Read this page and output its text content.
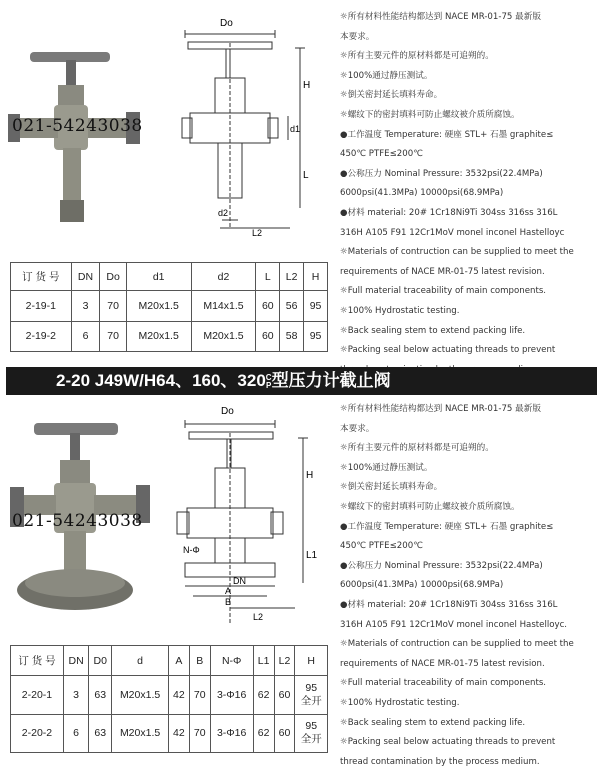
Do
H
L
d1
d2
L2
021-54243038
☼所有材料性能结构都达到 NACE MR-01-75 最新版
本要求。
☼所有主要元件的原材料都是可追朔的。
☼100%通过静压测试。
☼倒关密封延长填料寿命。
☼螺纹下的密封填料可防止螺纹被介质所腐蚀。
●工作温度 Temperature: 硬座 STL+ 石墨 graphite≤
450℃ PTFE≤200℃
●公称压力 Nominal Pressure: 3532psi(22.4MPa)
6000psi(41.3MPa) 10000psi(68.9MPa)
●材料 material: 20# 1Cr18Ni9Ti 304ss 316ss 316L
316H A105 F91 12Cr1MoV monel inconel Hastelloyc
☼Materials of contruction can be supplied to meet the
requirements of NACE MR-01-75 latest revision.
☼Full material traceability of main components.
☼100% Hydrostatic testing.
☼Back sealing stem to extend packing life.
☼Packing seal below actuating threads to prevent
订 货 号	DN	Do	d1	d2	L	L2	H
2-19-1	3	70	M20x1.5	M14x1.5	60	56	95
2-19-2	6	70	M20x1.5	M20x1.5	60	58	95
2-20 J49W/H64、160、320C
P型压力计截止阀
Do
H
L1
N-Φ
DN
A
B
L2
021-54243038
☼所有材料性能结构都达到 NACE MR-01-75 最新版
本要求。
☼所有主要元件的原材料都是可追朔的。
☼100%通过静压测试。
☼倒关密封延长填料寿命。
☼螺纹下的密封填料可防止螺纹被介质所腐蚀。
●工作温度 Temperature: 硬座 STL+ 石墨 graphite≤
450℃ PTFE≤200℃
●公称压力 Nominal Pressure: 3532psi(22.4MPa)
6000psi(41.3MPa) 10000psi(68.9MPa)
●材料 material: 20# 1Cr18Ni9Ti 304ss 316ss 316L
316H A105 F91 12Cr1MoV monel inconel Hastelloyc.
☼Materials of contruction can be supplied to meet the
requirements of NACE MR-01-75 latest revision.
☼Full material traceability of main components.
☼100% Hydrostatic testing.
☼Back sealing stem to extend packing life.
☼Packing seal below actuating threads to prevent
thread contamination by the process medium.
订 货 号	DN	D0	d	A	B	N-Φ	L1	L2	H
2-20-1	3	63	M20x1.5	42	70	3-Φ16	62	60	95
全开

2-20-2	6	63	M20x1.5	42	70	3-Φ16	62	60	95
全开
